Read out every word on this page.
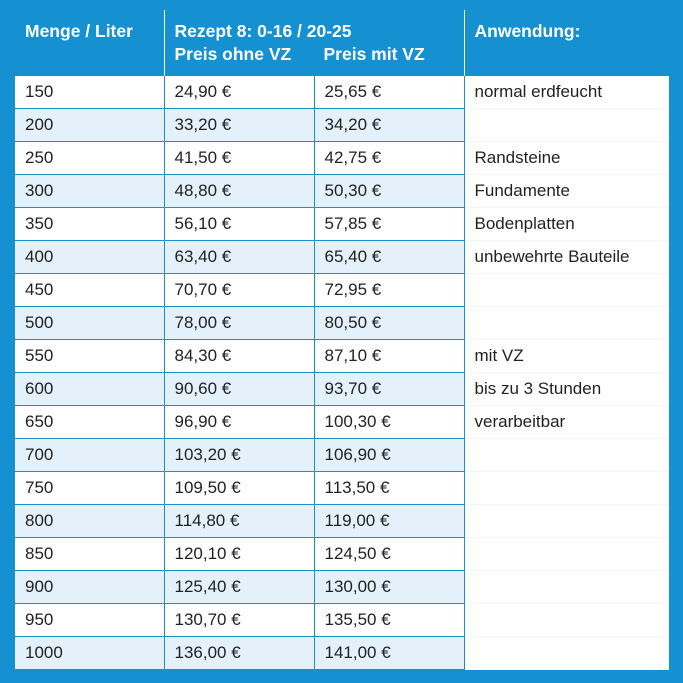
Menge / Liter	Rezept 8: 0-16 / 20-25
Preis ohne VZ Preis mit VZ		Anwendung:

150	24,90 €	25,65 €	normal erdfeucht
200	33,20 €	34,20 €	
250	41,50 €	42,75 €	Randsteine
300	48,80 €	50,30 €	Fundamente
350	56,10 €	57,85 €	Bodenplatten
400	63,40 €	65,40 €	unbewehrte Bauteile
450	70,70 €	72,95 €	
500	78,00 €	80,50 €	
550	84,30 €	87,10 €	mit VZ
600	90,60 €	93,70 €	bis zu 3 Stunden
650	96,90 €	100,30 €	verarbeitbar
700	103,20 €	106,90 €	
750	109,50 €	113,50 €	
800	114,80 €	119,00 €	
850	120,10 €	124,50 €	
900	125,40 €	130,00 €	
950	130,70 €	135,50 €	
1000	136,00 €	141,00 €	
